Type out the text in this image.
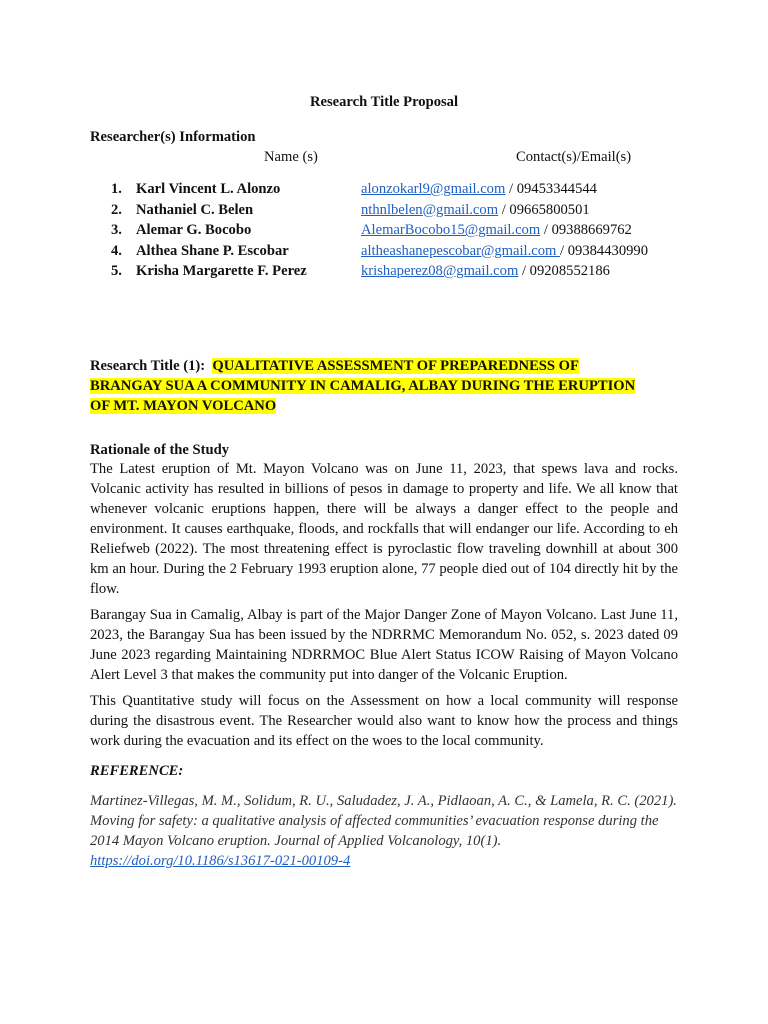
Research Title Proposal
Researcher(s) Information
Name (s)	Contact(s)/Email(s)
1. Karl Vincent L. Alonzo	alonzokarl9@gmail.com / 09453344544
2. Nathaniel C. Belen	nthnlbelen@gmail.com / 09665800501
3. Alemar G. Bocobo	AlemarBocobo15@gmail.com / 09388669762
4. Althea Shane P. Escobar	altheashanepescobar@gmail.com / 09384430990
5. Krisha Margarette F. Perez	krishaperez08@gmail.com / 09208552186
Research Title (1):  QUALITATIVE ASSESSMENT OF PREPAREDNESS OF
BRANGAY SUA A COMMUNITY IN CAMALIG, ALBAY DURING THE ERUPTION
OF MT. MAYON VOLCANO
Rationale of the Study

The Latest eruption of Mt. Mayon Volcano was on June 11, 2023, that spews lava and rocks. Volcanic activity has resulted in billions of pesos in damage to property and life. We all know that whenever volcanic eruptions happen, there will be always a danger effect to the people and environment. It causes earthquake, floods, and rockfalls that will endanger our life. According to eh Reliefweb (2022). The most threatening effect is pyroclastic flow traveling downhill at about 300 km an hour. During the 2 February 1993 eruption alone, 77 people died out of 104 directly hit by the flow.

Barangay Sua in Camalig, Albay is part of the Major Danger Zone of Mayon Volcano. Last June 11, 2023, the Barangay Sua has been issued by the NDRRMC Memorandum No. 052, s. 2023 dated 09 June 2023 regarding Maintaining NDRRMOC Blue Alert Status ICOW Raising of Mayon Volcano Alert Level 3 that makes the community put into danger of the Volcanic Eruption.

This Quantitative study will focus on the Assessment on how a local community will response during the disastrous event. The Researcher would also want to know how the process and things work during the evacuation and its effect on the woes to the local community.

REFERENCE:
Martinez-Villegas, M. M., Solidum, R. U., Saludadez, J. A., Pidlaoan, A. C., & Lamela, R. C. (2021). Moving for safety: a qualitative analysis of affected communities’ evacuation response during the 2014 Mayon Volcano eruption. Journal of Applied Volcanology, 10(1). https://doi.org/10.1186/s13617-021-00109-4
